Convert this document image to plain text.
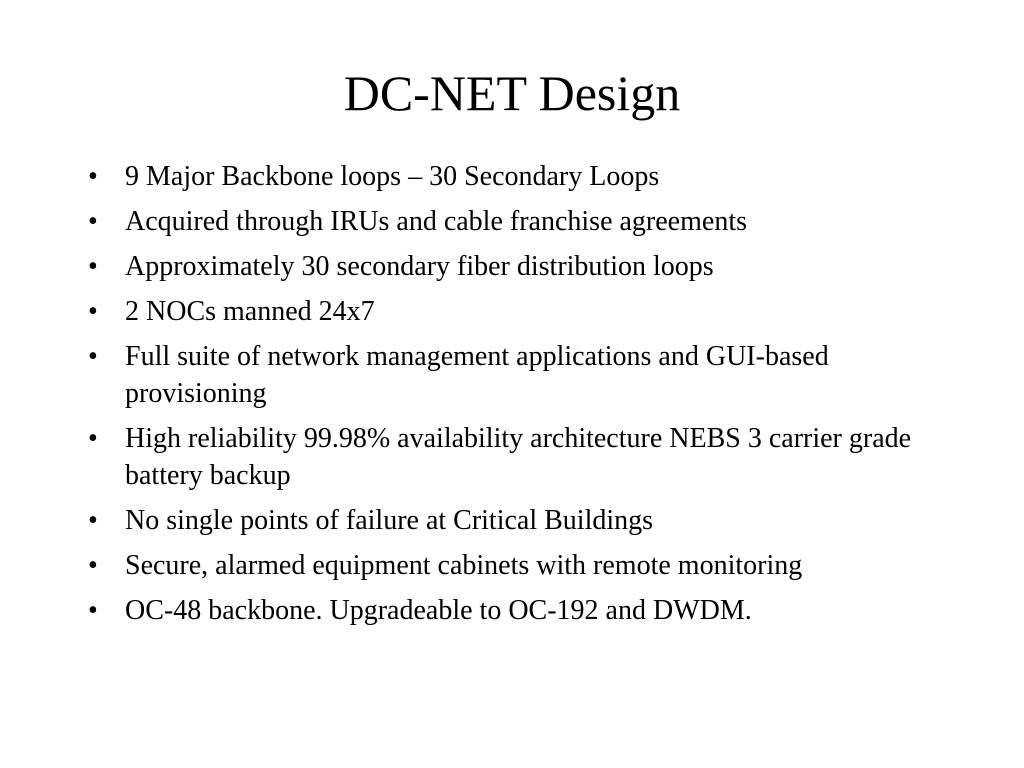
DC-NET Design
• 9 Major Backbone loops – 30 Secondary Loops
• Acquired through IRUs and cable franchise agreements
• Approximately 30 secondary fiber distribution loops
• 2 NOCs manned 24x7
• Full suite of network management applications and GUI-based provisioning
• High reliability 99.98% availability architecture NEBS 3 carrier grade battery backup
• No single points of failure at Critical Buildings
• Secure, alarmed equipment cabinets with remote monitoring
• OC-48 backbone. Upgradeable to OC-192 and DWDM.
